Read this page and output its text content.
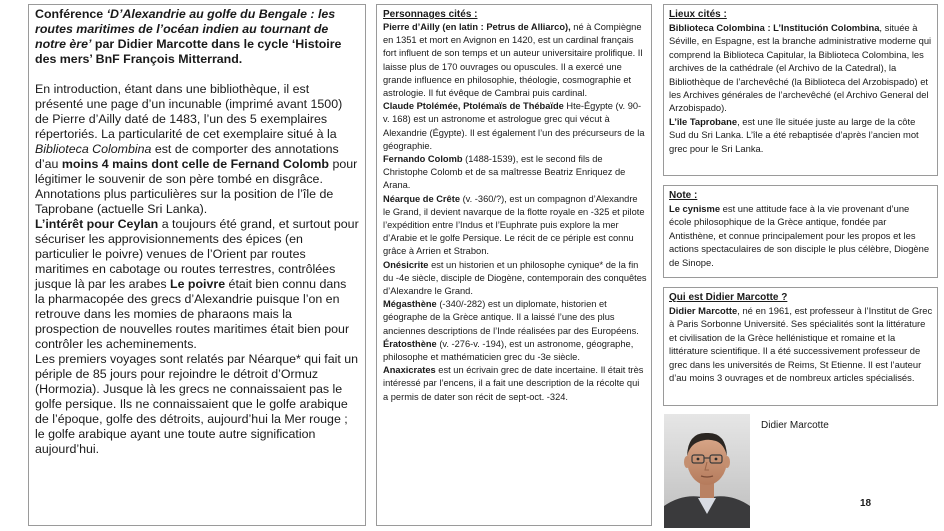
Conférence ‘D’Alexandrie au golfe du Bengale : les routes maritimes de l’océan indien au tournant de notre ère’ par Didier Marcotte dans le cycle ‘Histoire des mers’ BnF François Mitterrand.

En introduction, étant dans une bibliothèque, il est présenté une page d’un incunable (imprimé avant 1500) de Pierre d’Ailly daté de 1483, l’un des 5 exemplaires répertoriés. La particularité de cet exemplaire situé à la Biblioteca Colombina est de comporter des annotations d’au moins 4 mains dont celle de Fernand Colomb pour légitimer le souvenir de son père tombé en disgrâce. Annotations plus particulières sur la position de l’île de Taprobane (actuelle Sri Lanka).

L’intérêt pour Ceylan a toujours été grand, et surtout pour sécuriser les approvisionnements des épices (en particulier le poivre) venues de l’Orient par routes maritimes en cabotage ou routes terrestres, contrôlées jusque là par les arabes Le poivre était bien connu dans la pharmacopée des grecs d’Alexandrie puisque l’on en retrouve dans les momies de pharaons mais la prospection de nouvelles routes maritimes était bien pour contrôler les acheminements.

Les premiers voyages sont relatés par Néarque* qui fait un périple de 85 jours pour rejoindre le détroit d’Ormuz (Hormozia). Jusque là les grecs ne connaissaient pas le golfe persique. Ils ne connaissaient que le golfe arabique de l’époque, golfe des détroits, aujourd’hui la Mer rouge ; le golfe arabique ayant une toute autre signification aujourd’hui.

Personnages cités :

Pierre d’Ailly (en latin : Petrus de Alliarco), né à Compiègne en 1351 et mort en Avignon en 1420, est un cardinal français fort influent de son temps et un auteur universitaire prolifique. Il laisse plus de 170 ouvrages ou opuscules. Il a exercé une grande influence en philosophie, théologie, cosmographie et astrologie. Il fut évêque de Cambrai puis cardinal.

Claude Ptolémée, Ptolémaïs de Thébaïde Hte-Égypte (v. 90-v. 168) est un astronome et astrologue grec qui vécut à Alexandrie (Égypte). Il est également l’un des précurseurs de la géographie.

Fernando Colomb (1488-1539), est le second fils de Christophe Colomb et de sa maîtresse Beatriz Enriquez de Arana.

Néarque de Crête (v. -360/?), est un compagnon d’Alexandre le Grand, il devient navarque de la flotte royale en -325 et pilote l’expédition entre l’Indus et l’Euphrate puis explore la mer d’Arabie et le golfe Persique. Le récit de ce périple est connu grâce à Arrien et Strabon.

Onésicrite est un historien et un philosophe cynique* de la fin du -4e siècle, disciple de Diogène, contemporain des conquêtes d’Alexandre le Grand.

Mégasthène (-340/-282) est un diplomate, historien et géographe de la Grèce antique. Il a laissé l’une des plus anciennes descriptions de l’Inde réalisées par des Européens.

Ératosthène (v. -276-v. -194), est un astronome, géographe, philosophe et mathématicien grec du -3e siècle.

Anaxicrates est un écrivain grec de date incertaine. Il était très intéressé par l’encens, il a fait une description de la récolte qui a permis de dater son récit de sept-oct. -324.

Lieux cités :

Biblioteca Colombina : L’Institución Colombina, située à Séville, en Espagne, est la branche administrative moderne qui comprend la Biblioteca Capitular, la Biblioteca Colombina, les archives de la cathédrale (el Archivo de la Catedral), la Bibliothèque de l’archevêché (la Biblioteca del Arzobispado) et les Archives générales de l’archevêché (el Archivo General del Arzobispado).

L’île Taprobane, est une île située juste au large de la côte Sud du Sri Lanka. L’île a été rebaptisée d’après l’ancien mot grec pour le Sri Lanka.

Note :

Le cynisme est une attitude face à la vie provenant d’une école philosophique de la Grèce antique, fondée par Antisthène, et connue principalement pour les propos et les actions spectaculaires de son disciple le plus célèbre, Diogène de Sinope.

Qui est Didier Marcotte ?

Didier Marcotte, né en 1961, est professeur à l’Institut de Grec à Paris Sorbonne Université. Ses spécialités sont la littérature et civilisation de la Grèce hellénistique et romaine et la littérature scientifique. Il a été successivement professeur de grec dans les universités de Reims, St Etienne. Il est l’auteur d’au moins 3 ouvrages et de nombreux articles spécialisés.

Didier Marcotte
18
